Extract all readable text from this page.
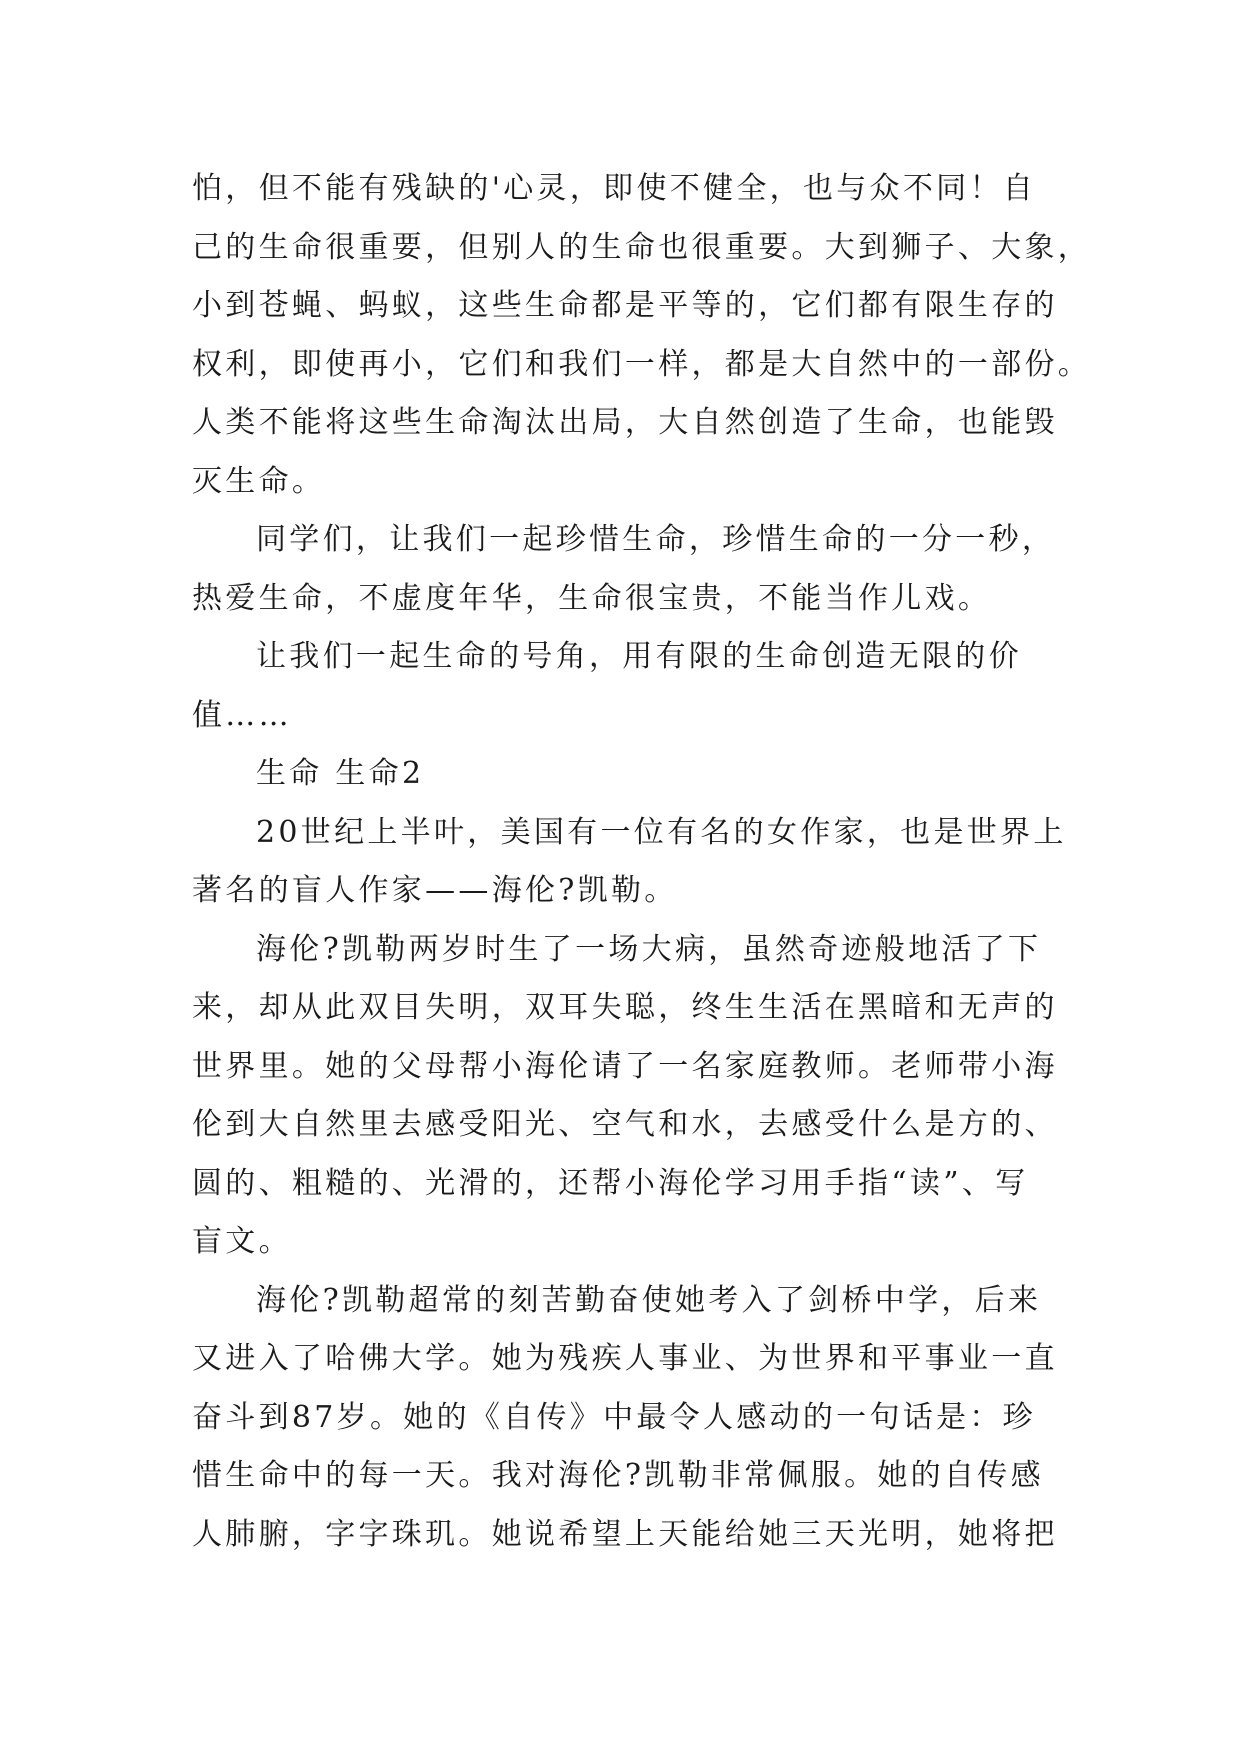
怕，但不能有残缺的'心灵，即使不健全，也与众不同！自
己的生命很重要，但别人的生命也很重要。大到狮子、大象，
小到苍蝇、蚂蚁，这些生命都是平等的，它们都有限生存的
权利，即使再小，它们和我们一样，都是大自然中的一部份。
人类不能将这些生命淘汰出局，大自然创造了生命，也能毁
灭生命。
同学们，让我们一起珍惜生命，珍惜生命的一分一秒，
热爱生命，不虚度年华，生命很宝贵，不能当作儿戏。
让我们一起生命的号角，用有限的生命创造无限的价
值……
生命 生命2
20世纪上半叶，美国有一位有名的女作家，也是世界上
著名的盲人作家——海伦?凯勒。
海伦?凯勒两岁时生了一场大病，虽然奇迹般地活了下
来，却从此双目失明，双耳失聪，终生生活在黑暗和无声的
世界里。她的父母帮小海伦请了一名家庭教师。老师带小海
伦到大自然里去感受阳光、空气和水，去感受什么是方的、
圆的、粗糙的、光滑的，还帮小海伦学习用手指“读”、写
盲文。
海伦?凯勒超常的刻苦勤奋使她考入了剑桥中学，后来
又进入了哈佛大学。她为残疾人事业、为世界和平事业一直
奋斗到87岁。她的《自传》中最令人感动的一句话是：珍
惜生命中的每一天。我对海伦?凯勒非常佩服。她的自传感
人肺腑，字字珠玑。她说希望上天能给她三天光明，她将把
